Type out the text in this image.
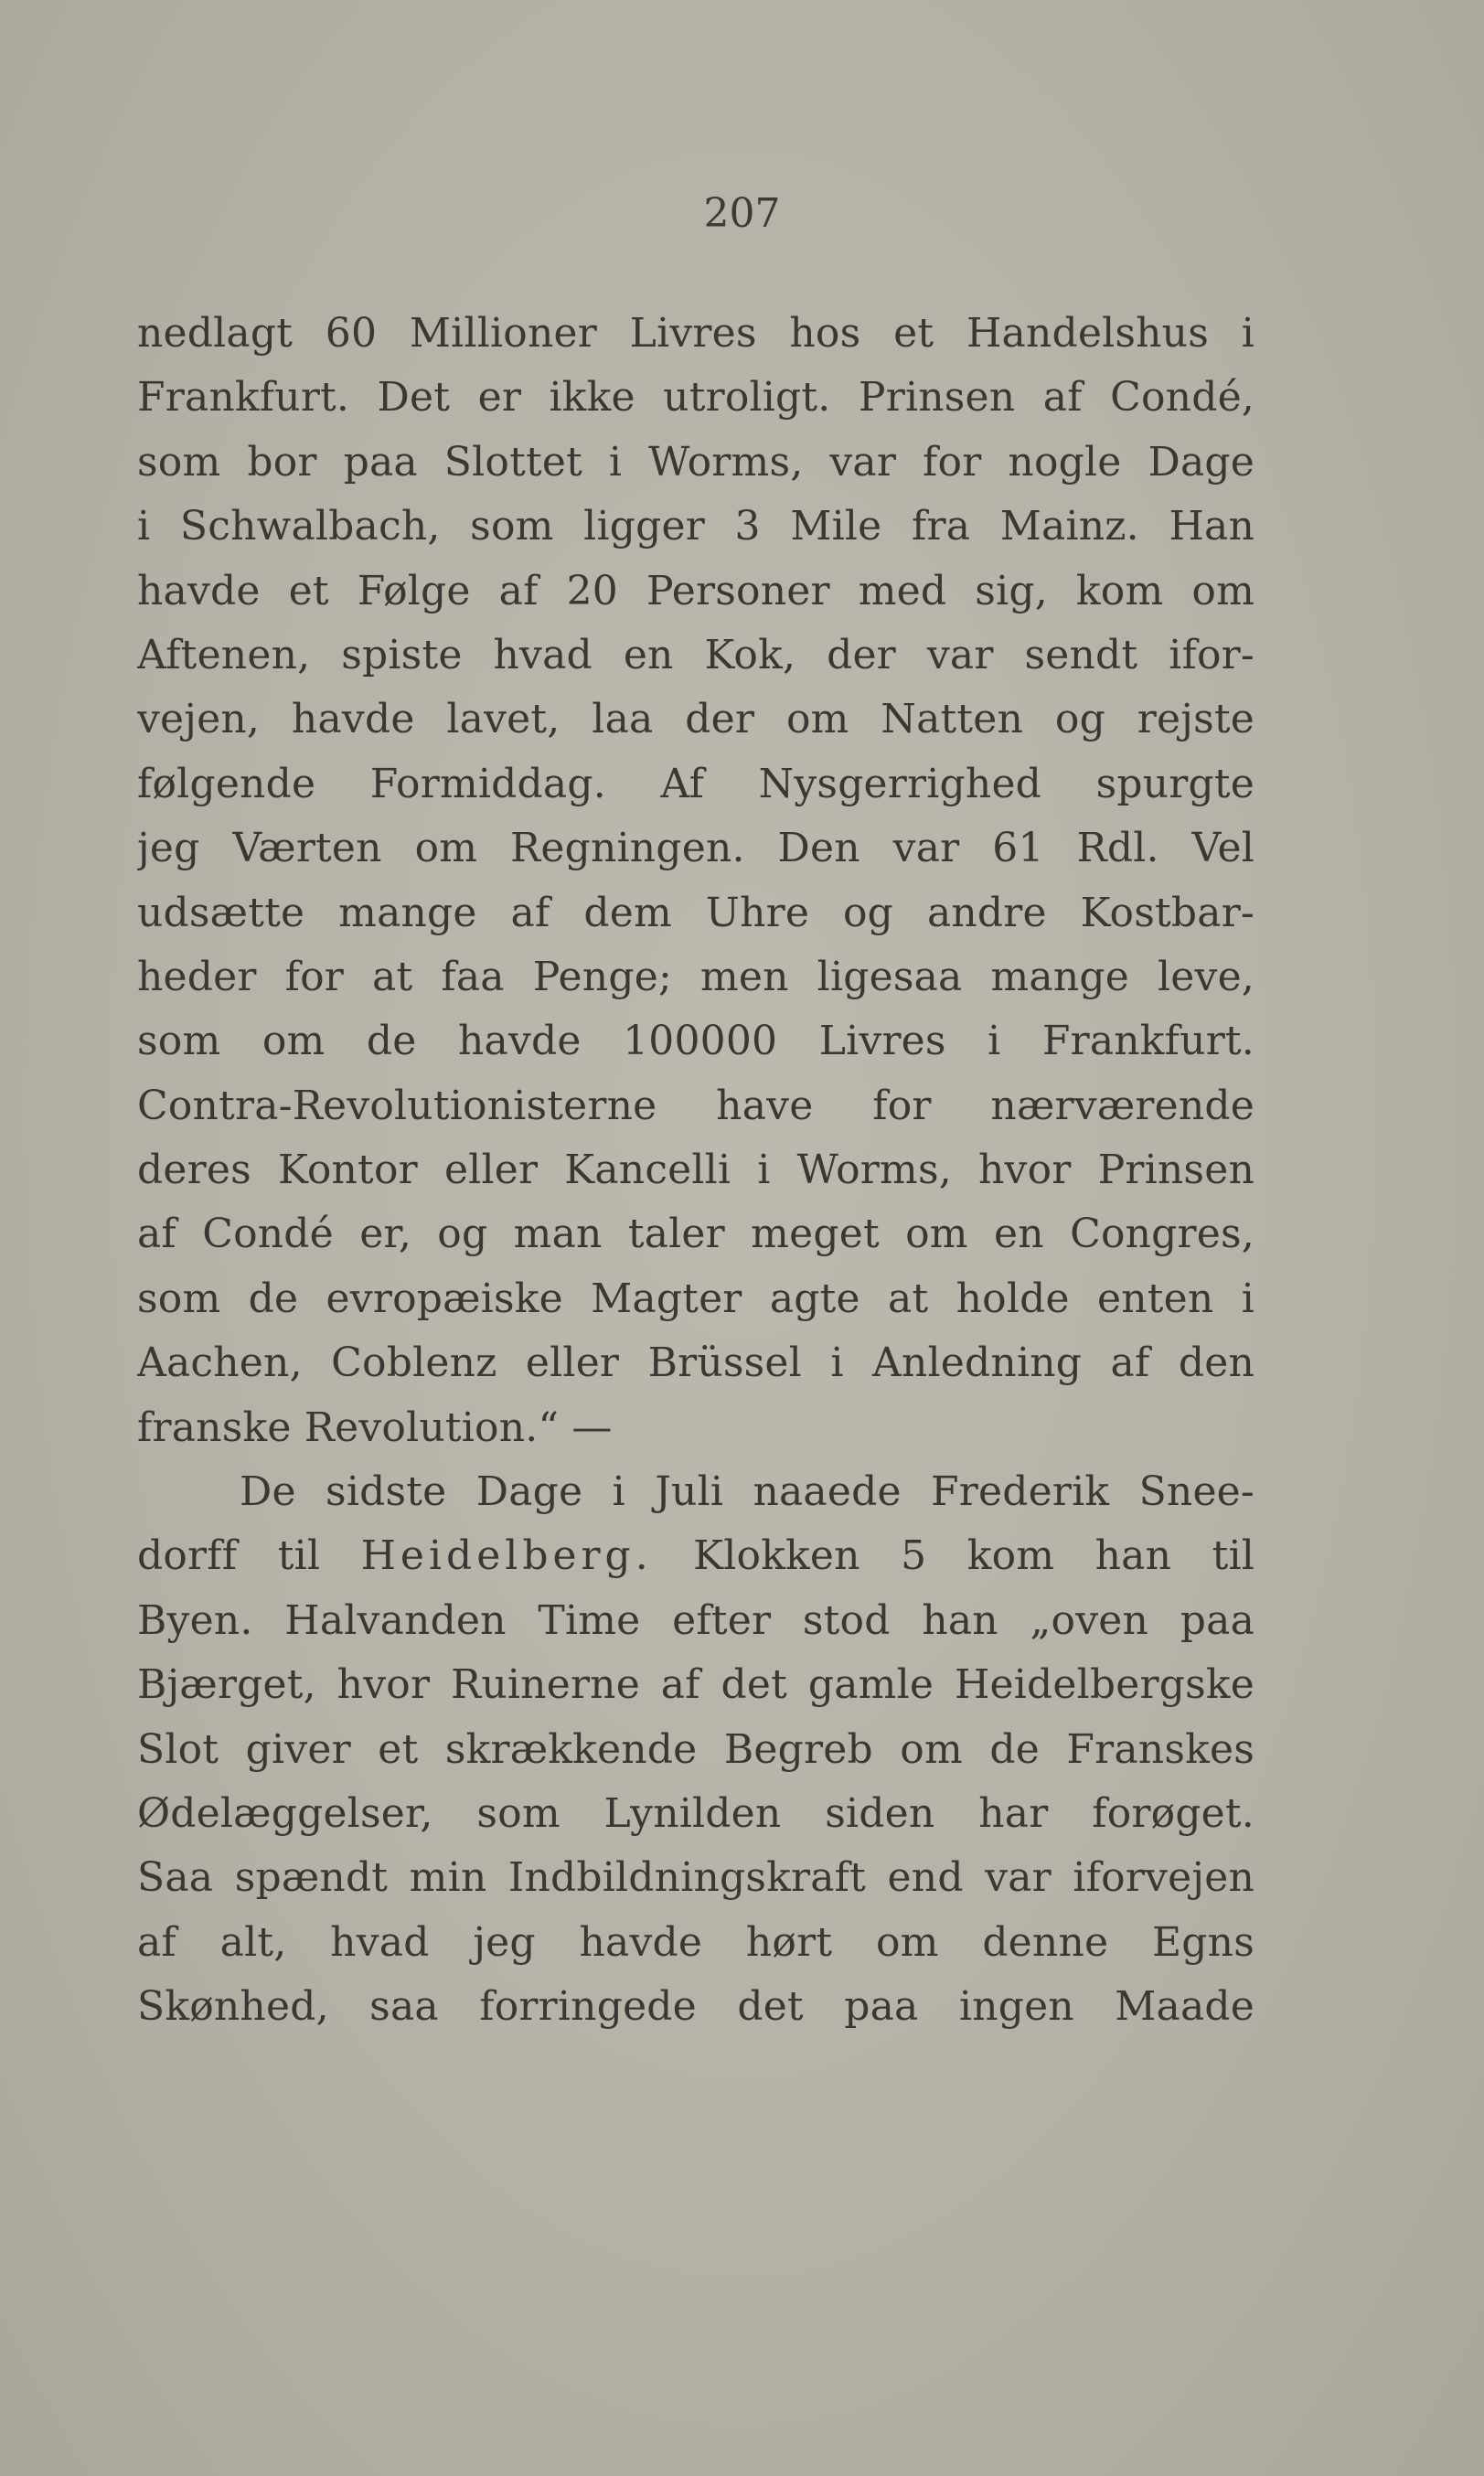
207
nedlagt 60 Millioner Livres hos et Handelshus i
Frankfurt. Det er ikke utroligt. Prinsen af Condé,
som bor paa Slottet i Worms, var for nogle Dage
i Schwalbach, som ligger 3 Mile fra Mainz. Han
havde et Følge af 20 Personer med sig, kom om
Aftenen, spiste hvad en Kok, der var sendt ifor-
vejen, havde lavet, laa der om Natten og rejste
følgende Formiddag. Af Nysgerrighed spurgte
jeg Værten om Regningen. Den var 61 Rdl. Vel
udsætte mange af dem Uhre og andre Kostbar-
heder for at faa Penge; men ligesaa mange leve,
som om de havde 100000 Livres i Frankfurt.
Contra-Revolutionisterne have for nærværende
deres Kontor eller Kancelli i Worms, hvor Prinsen
af Condé er, og man taler meget om en Congres,
som de evropæiske Magter agte at holde enten i
Aachen, Coblenz eller Brüssel i Anledning af den
franske Revolution.“ —
De sidste Dage i Juli naaede Frederik Snee-
dorff til Heidelberg. Klokken 5 kom han til
Byen. Halvanden Time efter stod han „oven paa
Bjærget, hvor Ruinerne af det gamle Heidelbergske
Slot giver et skrækkende Begreb om de Franskes
Ødelæggelser, som Lynilden siden har forøget.
Saa spændt min Indbildningskraft end var iforvejen
af alt, hvad jeg havde hørt om denne Egns
Skønhed, saa forringede det paa ingen Maade
